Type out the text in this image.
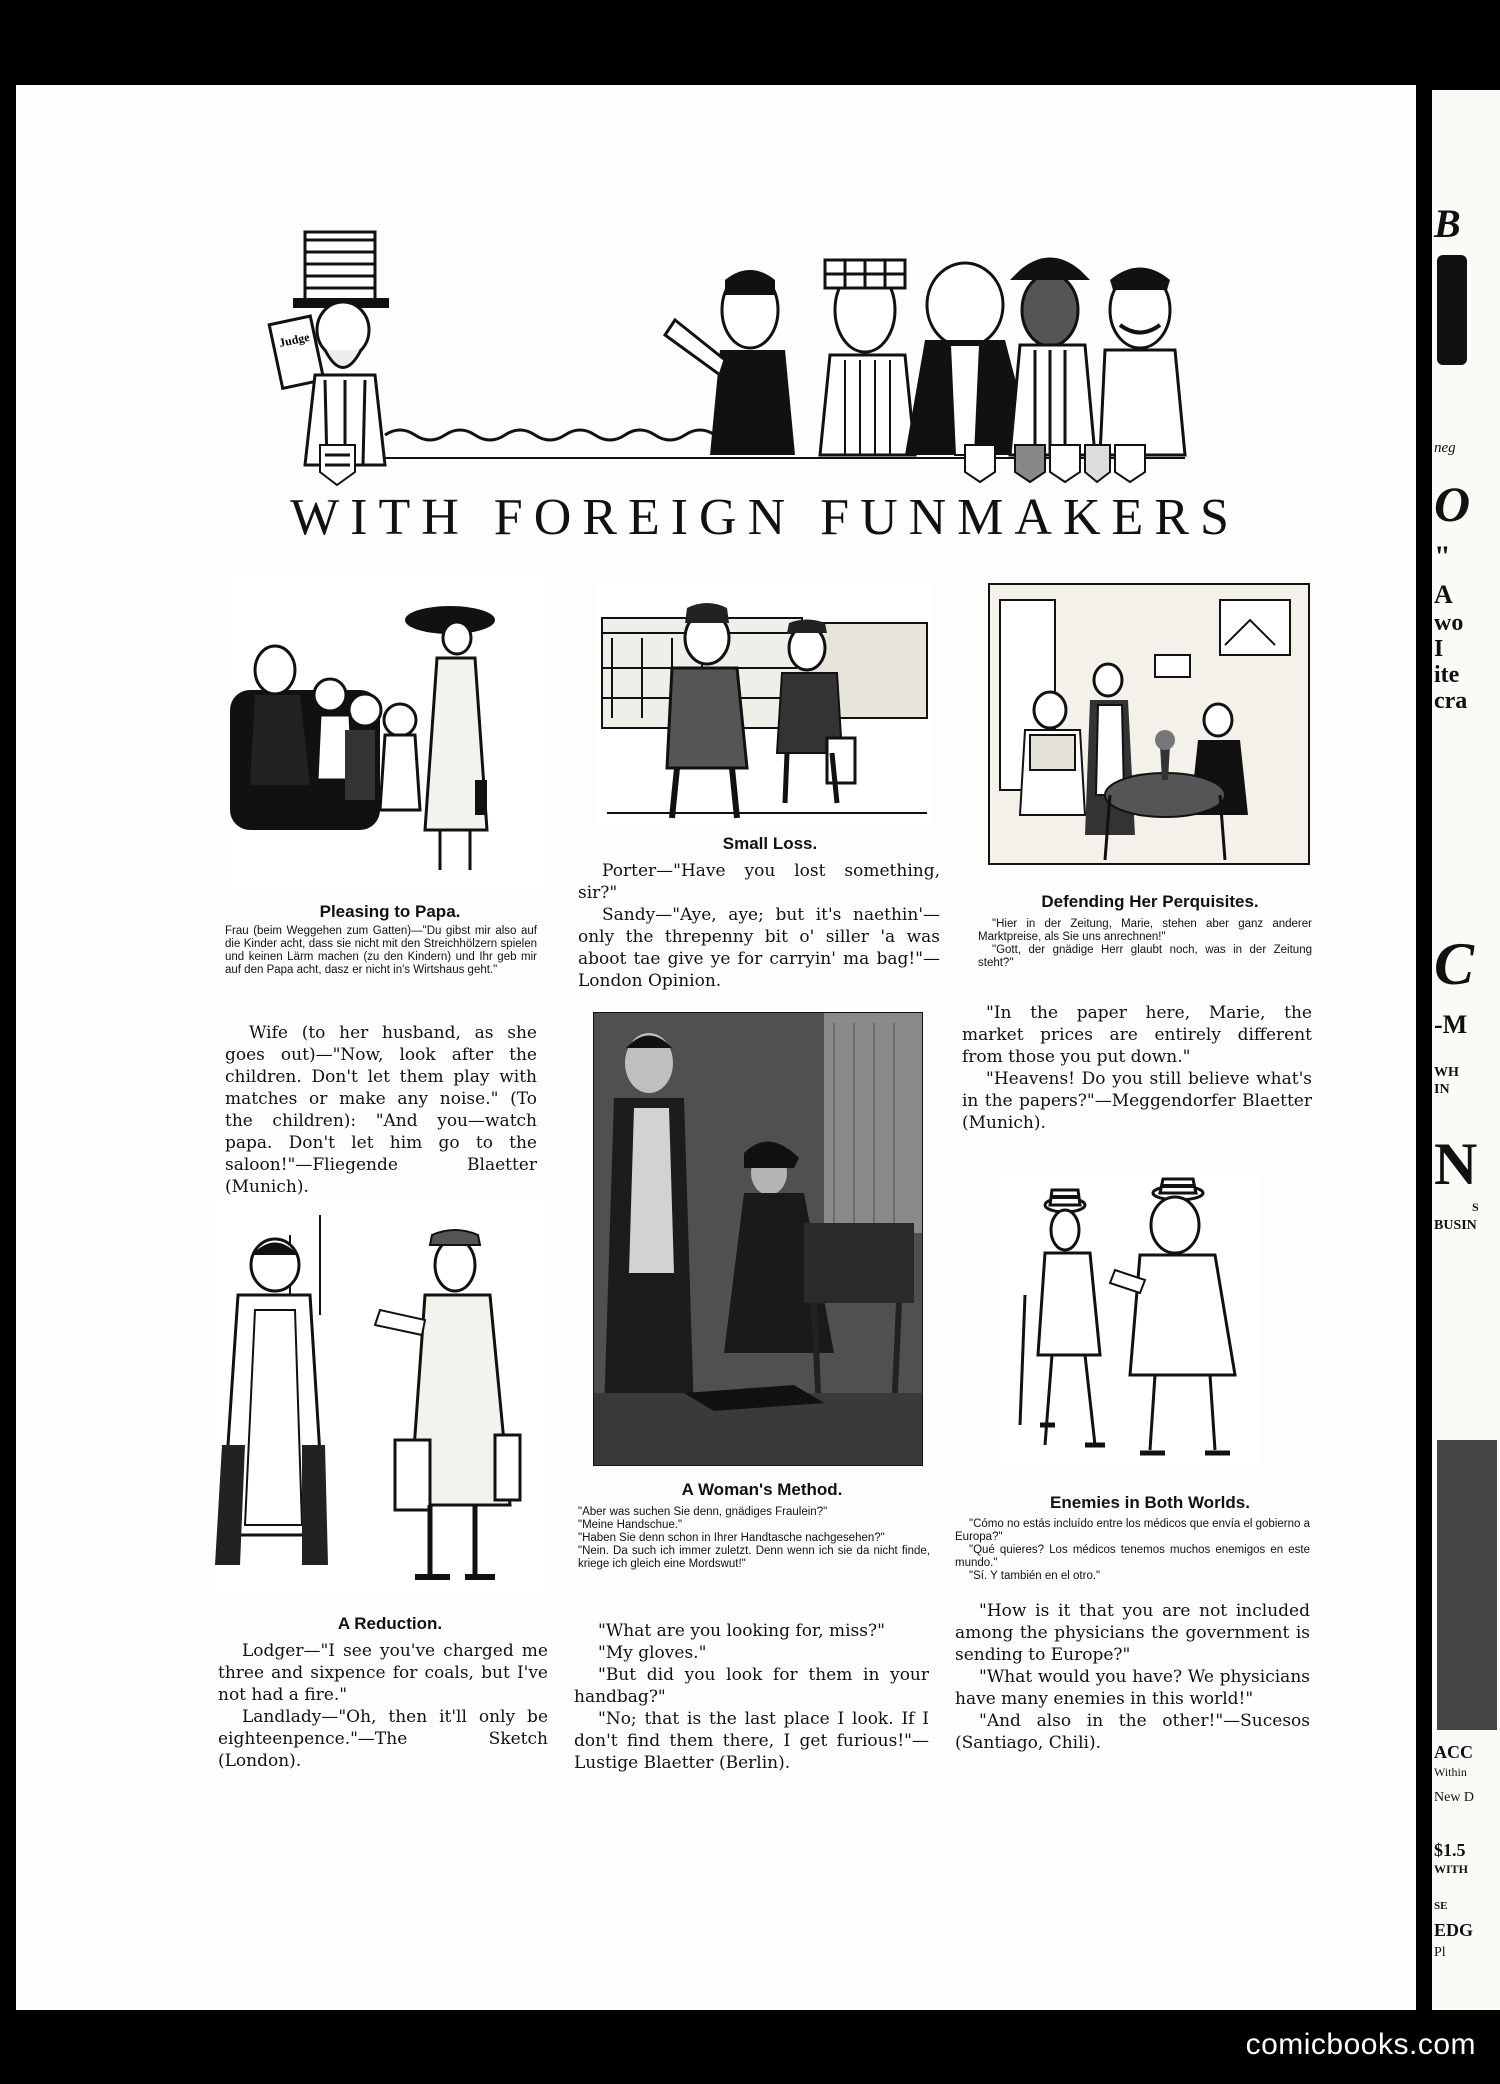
Judge
WITH FOREIGN FUNMAKERS
Pleasing to Papa.
Frau (beim Weggehen zum Gatten)—"Du gibst mir also auf die Kinder acht, dass sie nicht mit den Streichhölzern spielen und keinen Lärm machen (zu den Kindern) und Ihr geb mir auf den Papa acht, dasz er nicht in's Wirtshaus geht."

Wife (to her husband, as she goes out)—"Now, look after the children. Don't let them play with matches or make any noise." (To the children): "And you—watch papa. Don't let him go to the saloon!"—Fliegende Blaetter (Munich).

A Reduction.

Lodger—"I see you've charged me three and sixpence for coals, but I've not had a fire."

Landlady—"Oh, then it'll only be eighteenpence."—The Sketch (London).

Small Loss.

Porter—"Have you lost something, sir?"

Sandy—"Aye, aye; but it's naethin'—only the threpenny bit o' siller 'a was aboot tae give ye for carryin' ma bag!"—London Opinion.

A Woman's Method.

"Aber was suchen Sie denn, gnädiges Fraulein?"

"Meine Handschue."

"Haben Sie denn schon in Ihrer Handtasche nachgesehen?"

"Nein. Da such ich immer zuletzt. Denn wenn ich sie da nicht finde, kriege ich gleich eine Mordswut!"

"What are you looking for, miss?"

"My gloves."

"But did you look for them in your handbag?"

"No; that is the last place I look. If I don't find them there, I get furious!"—Lustige Blaetter (Berlin).

Defending Her Perquisites.

"Hier in der Zeitung, Marie, stehen aber ganz anderer Marktpreise, als Sie uns anrechnen!"

"Gott, der gnädige Herr glaubt noch, was in der Zeitung steht?"

"In the paper here, Marie, the market prices are entirely different from those you put down."

"Heavens! Do you still believe what's in the papers?"—Meggendorfer Blaetter (Munich).

Enemies in Both Worlds.

"Cómo no estás incluído entre los médicos que envía el gobierno a Europa?"

"Qué quieres? Los médicos tenemos muchos enemigos en este mundo."

"Sí. Y también en el otro."

"How is it that you are not included among the physicians the government is sending to Europe?"

"What would you have? We physicians have many enemies in this world!"

"And also in the other!"—Sucesos (Santiago, Chili).

B
neg
O
"
A
wo
I
ite
cra
C
-M
WH
IN
N
S
BUSIN
ACC
Within
New D
$1.5
WITH
SE
EDG
Pl
comicbooks.com
